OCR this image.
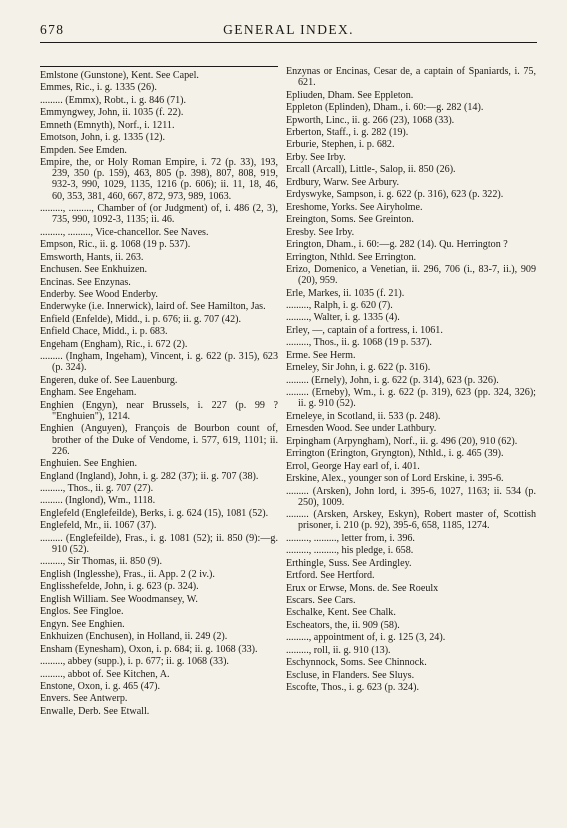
678	GENERAL INDEX.
Emlstone (Gunstone), Kent. See Capel.
Emmes, Ric., i. g. 1335 (26).
......... (Emmx), Robt., i. g. 846 (71).
Emmyngwey, John, ii. 1035 (f. 22).
Emneth (Emnyth), Norf., i. 1211.
Emotson, John, i. g. 1335 (12).
Empden. See Emden.
Empire, the, or Holy Roman Empire, i. 72 (p. 33), 193, 239, 350 (p. 159), 463, 805 (p. 398), 807, 808, 919, 932-3, 990, 1029, 1135, 1216 (p. 606); ii. 11, 18, 46, 60, 353, 381, 460, 667, 872, 973, 989, 1063.
........., ........., Chamber of (or Judgment) of, i. 486 (2, 3), 735, 990, 1092-3, 1135; ii. 46.
........., ........., Vice-chancellor. See Naves.
Empson, Ric., ii. g. 1068 (19 p. 537).
Emsworth, Hants, ii. 263.
Enchusen. See Enkhuizen.
Encinas. See Enzynas.
Enderby. See Wood Enderby.
Enderwyke (i.e. Innerwick), laird of. See Hamilton, Jas.
Enfield (Enfelde), Midd., i. p. 676; ii. g. 707 (42).
Enfield Chace, Midd., i. p. 683.
Engeham (Engham), Ric., i. 672 (2).
......... (Ingham, Ingeham), Vincent, i. g. 622 (p. 315), 623 (p. 324).
Engeren, duke of. See Lauenburg.
Engham. See Engeham.
Enghien (Engyn), near Brussels, i. 227 (p. 99 ? "Enghuien"), 1214.
Enghien (Anguyen), François de Bourbon count of, brother of the Duke of Vendome, i. 577, 619, 1101; ii. 226.
Enghuien. See Enghien.
England (Ingland), John, i. g. 282 (37); ii. g. 707 (38).
........., Thos., ii. g. 707 (27).
......... (Inglond), Wm., 1118.
Englefeld (Englefeilde), Berks, i. g. 624 (15), 1081 (52).
Englefeld, Mr., ii. 1067 (37).
......... (Englefeilde), Fras., i. g. 1081 (52); ii. 850 (9):—g. 910 (52).
........., Sir Thomas, ii. 850 (9).
English (Inglesshe), Fras., ii. App. 2 (2 iv.).
Englisshefelde, John, i. g. 623 (p. 324).
English William. See Woodmansey, W.
Englos. See Fingloe.
Engyn. See Enghien.
Enkhuizen (Enchusen), in Holland, ii. 249 (2).
Ensham (Eynesham), Oxon, i. p. 684; ii. g. 1068 (33).
........., abbey (supp.), i. p. 677; ii. g. 1068 (33).
........., abbot of. See Kitchen, A.
Enstone, Oxon, i. g. 465 (47).
Envers. See Antwerp.
Enwalle, Derb. See Etwall.
Enzynas or Encinas, Cesar de, a captain of Spaniards, i. 75, 621.
Epliuden, Dham. See Eppleton.
Eppleton (Eplinden), Dham., i. 60:—g. 282 (14).
Epworth, Linc., ii. g. 266 (23), 1068 (33).
Erberton, Staff., i. g. 282 (19).
Erburie, Stephen, i. p. 682.
Erby. See Irby.
Ercall (Arcall), Little-, Salop, ii. 850 (26).
Erdbury, Warw. See Arbury.
Erdyswyke, Sampson, i. g. 622 (p. 316), 623 (p. 322).
Ereshome, Yorks. See Airyholme.
Ereington, Soms. See Greinton.
Eresby. See Irby.
Erington, Dham., i. 60:—g. 282 (14). Qu. Herrington ?
Errington, Nthld. See Errington.
Erizo, Domenico, a Venetian, ii. 296, 706 (i., 83-7, ii.), 909 (20), 959.
Erle, Markes, ii. 1035 (f. 21).
........., Ralph, i. g. 620 (7).
........., Walter, i. g. 1335 (4).
Erley, —, captain of a fortress, i. 1061.
........., Thos., ii. g. 1068 (19 p. 537).
Erme. See Herm.
Erneley, Sir John, i. g. 622 (p. 316).
......... (Ernely), John, i. g. 622 (p. 314), 623 (p. 326).
......... (Erneby), Wm., i. g. 622 (p. 319), 623 (pp. 324, 326); ii. g. 910 (52).
Erneleye, in Scotland, ii. 533 (p. 248).
Ernesden Wood. See under Lathbury.
Erpingham (Arpyngham), Norf., ii. g. 496 (20), 910 (62).
Errington (Erington, Gryngton), Nthld., i. g. 465 (39).
Errol, George Hay earl of, i. 401.
Erskine, Alex., younger son of Lord Erskine, i. 395-6.
......... (Arsken), John lord, i. 395-6, 1027, 1163; ii. 534 (p. 250), 1009.
......... (Arsken, Arskey, Eskyn), Robert master of, Scottish prisoner, i. 210 (p. 92), 395-6, 658, 1185, 1274.
........., ........., letter from, i. 396.
........., ........., his pledge, i. 658.
Erthingle, Suss. See Ardingley.
Ertford. See Hertford.
Erux or Erwse, Mons. de. See Roeulx
Escars. See Cars.
Eschalke, Kent. See Chalk.
Escheators, the, ii. 909 (58).
........., appointment of, i. g. 125 (3, 24).
........., roll, ii. g. 910 (13).
Eschynnock, Soms. See Chinnock.
Escluse, in Flanders. See Sluys.
Escofte, Thos., i. g. 623 (p. 324).
